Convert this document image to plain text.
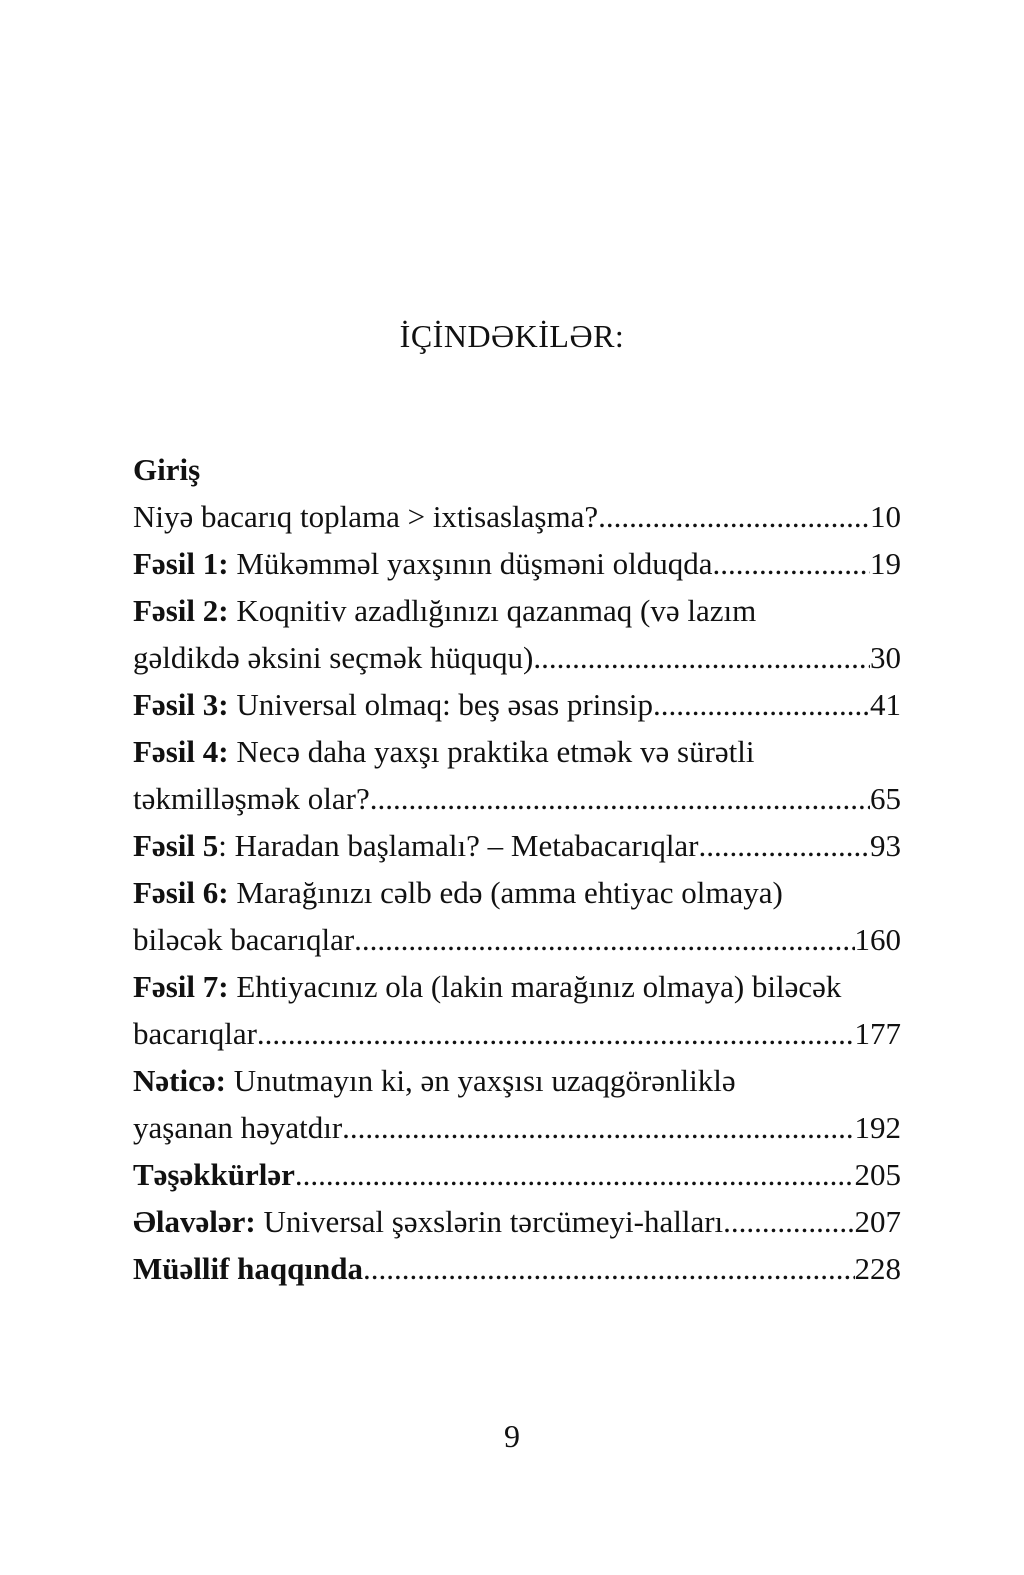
İÇİNDƏKİLƏR:
Giriş
Niyə bacarıq toplama > ixtisaslaşma? .....	10
Fəsil 1: Mükəmməl yaxşının düşməni olduqda .....	19
Fəsil 2: Koqnitiv azadlığınızı qazanmaq (və lazım
gəldikdə əksini seçmək hüququ) .....	30
Fəsil 3: Universal olmaq: beş əsas prinsip .....	41
Fəsil 4: Necə daha yaxşı praktika etmək və sürətli
təkmilləşmək olar? .....	65
Fəsil 5: Haradan başlamalı? – Metabacarıqlar .....	93
Fəsil 6: Marağınızı cəlb edə (amma ehtiyac olmaya)
biləcək bacarıqlar .....	160
Fəsil 7: Ehtiyacınız ola (lakin marağınız olmaya) biləcək
bacarıqlar .....	177
Nəticə: Unutmayın ki, ən yaxşısı uzaqgörənliklə
yaşanan həyatdır .....	192
Təşəkkürlər .....	205
Əlavələr: Universal şəxslərin tərcümeyi-halları .....	207
Müəllif haqqında .....	228
9
